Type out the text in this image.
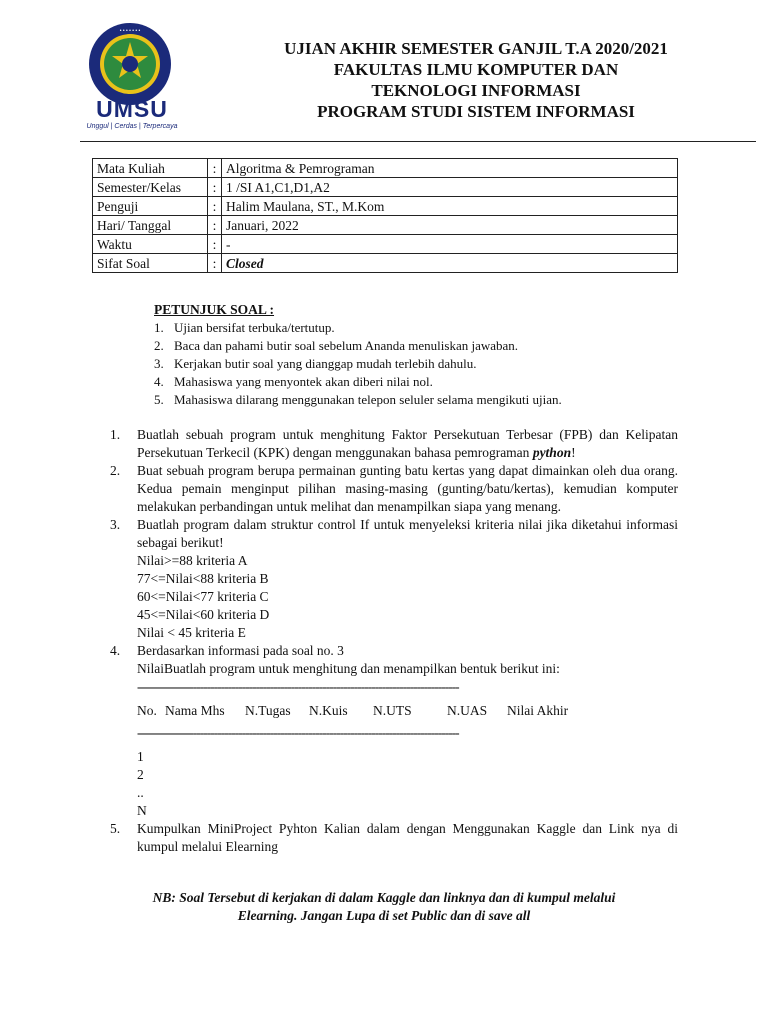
• • • • • • •
UMSU
Unggul | Cerdas | Terpercaya
UJIAN AKHIR SEMESTER GANJIL T.A 2020/2021
FAKULTAS ILMU KOMPUTER DAN
TEKNOLOGI INFORMASI
PROGRAM STUDI SISTEM INFORMASI
Mata Kuliah	:	Algoritma & Pemrograman
Semester/Kelas	:	1 /SI A1,C1,D1,A2
Penguji	:	Halim Maulana, ST., M.Kom
Hari/ Tanggal	:	Januari, 2022
Waktu	:	-
Sifat Soal	:	Closed
PETUNJUK SOAL :
1. Ujian bersifat terbuka/tertutup.
2. Baca dan pahami butir soal sebelum Ananda menuliskan jawaban.
3. Kerjakan butir soal yang dianggap mudah terlebih dahulu.
4. Mahasiswa yang menyontek akan diberi nilai nol.
5. Mahasiswa dilarang menggunakan telepon seluler selama mengikuti ujian.
1.	Buatlah sebuah program untuk menghitung Faktor Persekutuan Terbesar (FPB) dan Kelipatan Persekutuan Terkecil (KPK) dengan menggunakan bahasa pemrograman python!
2.	Buat sebuah program berupa permainan gunting batu kertas yang dapat dimainkan oleh dua orang. Kedua pemain menginput pilihan masing-masing (gunting/batu/kertas), kemudian komputer melakukan perbandingan untuk melihat dan menampilkan siapa yang menang.
3.	Buatlah program dalam struktur control If untuk menyeleksi kriteria nilai jika diketahui informasi sebagai berikut!
Nilai>=88 kriteria A
77<=Nilai<88 kriteria B
60<=Nilai<77 kriteria C
45<=Nilai<60 kriteria D
Nilai < 45 kriteria E
4.	Berdasarkan informasi pada soal no. 3
NilaiBuatlah program untuk menghitung dan menampilkan bentuk berikut ini:
--------------------------------------------------------------------------------------------
No. Nama Mhs	N.Tugas	N.Kuis	N.UTS	N.UAS	Nilai Akhir
--------------------------------------------------------------------------------------------
1
2
..
N
5.	Kumpulkan MiniProject Pyhton Kalian dalam dengan Menggunakan Kaggle dan Link nya di kumpul melalui Elearning
NB: Soal Tersebut di kerjakan di dalam Kaggle dan linknya dan di kumpul melalui
Elearning. Jangan Lupa di set Public dan di save all
